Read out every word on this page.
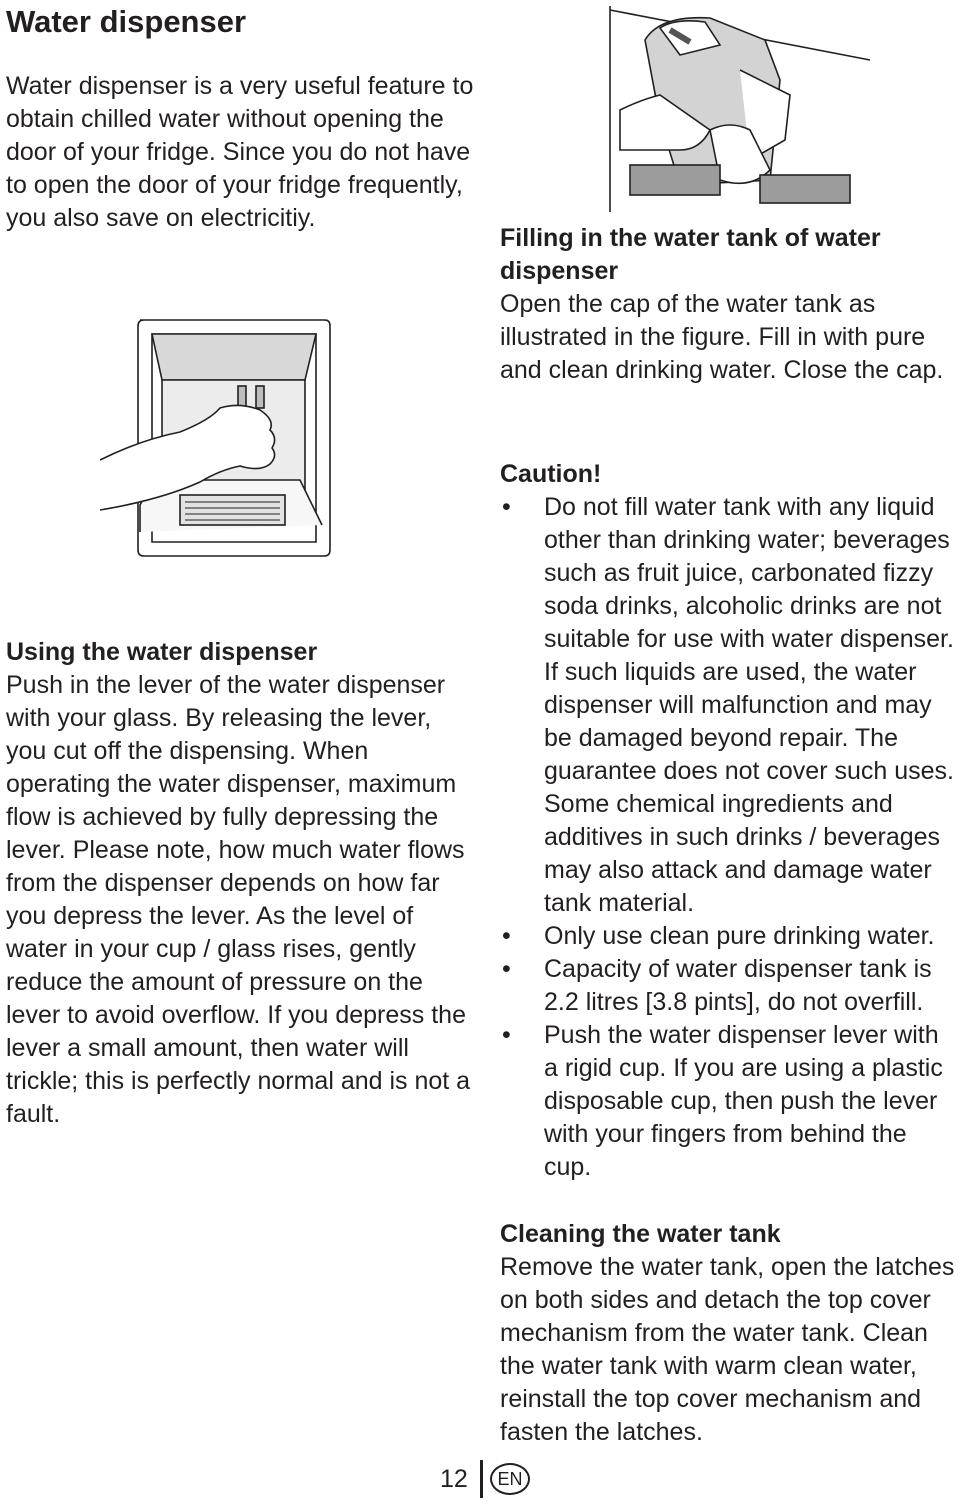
Water dispenser

Water dispenser is a very useful feature to obtain chilled water without opening the door of your fridge. Since you do not have to open the door of your fridge frequently, you also save on electricitiy.

Using the water dispenser

Push in the lever of the water dispenser with your glass. By releasing the lever, you cut off the dispensing. When operating the water dispenser, maximum flow is achieved by fully depressing the lever. Please note, how much water flows from the dispenser depends on how far you depress the lever. As the level of water in your cup / glass rises, gently reduce the amount of pressure on the lever to avoid overflow. If you depress the lever a small amount, then water will trickle; this is perfectly normal and is not a fault.

Filling in the water tank of water dispenser

Open the cap of the water tank as illustrated in the figure. Fill in with pure and clean drinking water. Close the cap.

Caution!

• Do not fill water tank with any liquid other than drinking water; beverages such as fruit juice, carbonated fizzy soda drinks, alcoholic drinks are not suitable for use with water dispenser. If such liquids are used, the water dispenser will malfunction and may be damaged beyond repair. The guarantee does not cover such uses. Some chemical ingredients and additives in such drinks / beverages may also attack and damage water tank material.
• Only use clean pure drinking water.
• Capacity of water dispenser tank is 2.2 litres [3.8 pints], do not overfill.
• Push the water dispenser lever with a rigid cup. If you are using a plastic disposable cup, then push the lever with your fingers from behind the cup.

Cleaning the water tank

Remove the water tank, open the latches on both sides and detach the top cover mechanism from the water tank. Clean the water tank with warm clean water, reinstall the top cover mechanism and fasten the latches.

12	EN
